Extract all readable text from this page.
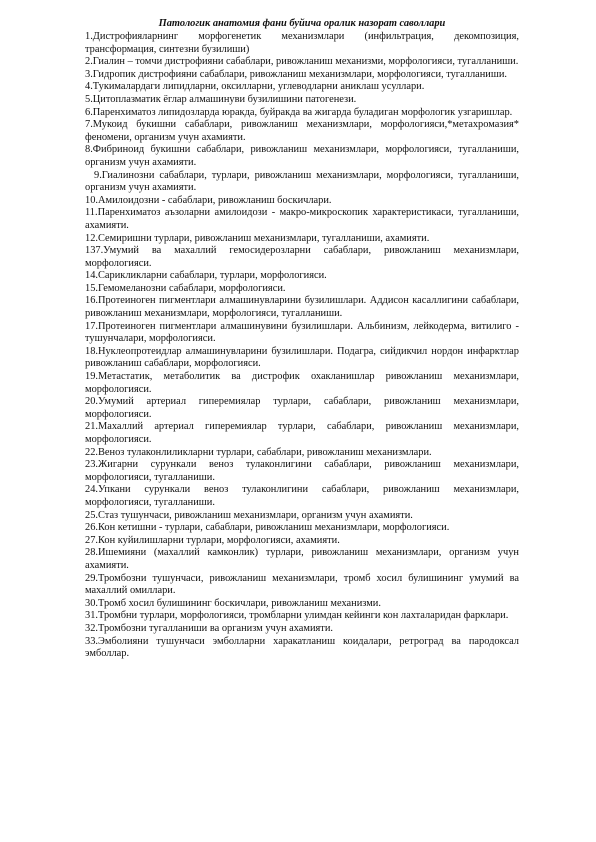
Патологик анатомия фани буйича оралик назорат саволлари

1.Дистрофияларнинг морфогенетик механизмлари (инфильтрация, декомпозиция, трансформация, синтезни бузилиши)

2.Гиалин – томчи дистрофияни сабаблари, ривожланиш механизми, морфологияси, тугалланиши.

3.Гидропик дистрофияни сабаблари, ривожланиш механизмлари, морфологияси, тугалланиши.

4.Тукималардаги липидларни, оксилларни, углеводларни аниклаш усуллари.

5.Цитоплазматик ёглар алмашинуви бузилишини патогенези.

6.Паренхиматоз липидозларда юракда, буйракда ва жигарда буладиган морфологик узгаришлар.

7.Мукоид букишни сабаблари, ривожланиш механизмлари, морфологияси,*метахромазия* феномени, организм учун ахамияти.

8.Фибриноид букишни сабаблари, ривожланиш механизмлари, морфологияси, тугалланиши, организм учун ахамияти.

9.Гиалинозни сабаблари, турлари, ривожланиш механизмлари, морфологияси, тугалланиши, организм учун ахамияти.

10.Амилоидозни - сабаблари, ривожланиш боскичлари.

11.Паренхиматоз аъзоларни амилоидози - макро-микроскопик характеристикаси, тугалланиши, ахамияти.

12.Семиришни турлари, ривожланиш механизмлари, тугалланиши, ахамияти.

137.Умумий ва махаллий гемосидерозларни сабаблари, ривожланиш механизмлари, морфологияси.

14.Сарикликларни сабаблари, турлари, морфологияси.

15.Гемомеланозни сабаблари, морфологияси.

16.Протеиноген пигментлари алмашинувларини бузилишлари. Аддисон касаллигини сабаблари, ривожланиш механизмлари, морфологияси, тугалланиши.

17.Протеиноген пигментлари алмашинувини бузилишлари. Альбинизм, лейкодерма, витилиго - тушунчалари, морфологияси.

18.Нуклеопротеидлар алмашинувларини бузилишлари. Подагра, сийдикчил нордон инфарктлар ривожланиш сабаблари, морфологияси.

19.Метастатик, метаболитик ва дистрофик охакланишлар ривожланиш механизмлари, морфологияси.

20.Умумий артериал гиперемиялар турлари, сабаблари, ривожланиш механизмлари, морфологияси.

21.Махаллий артериал гиперемиялар турлари, сабаблари, ривожланиш механизмлари, морфологияси.

22.Веноз тулаконлиликларни турлари, сабаблари, ривожланиш механизмлари.

23.Жигарни сурункали веноз тулаконлигини сабаблари, ривожланиш механизмлари, морфологияси, тугалланиши.

24.Упкани сурункали веноз тулаконлигини сабаблари, ривожланиш механизмлари, морфологияси, тугалланиши.

25.Стаз тушунчаси, ривожланиш механизмлари, организм учун ахамияти.

26.Кон кетишни - турлари, сабаблари, ривожланиш механизмлари, морфологияси.

27.Кон куйилишларни турлари, морфологияси, ахамияти.

28.Ишемияни (махаллий камконлик) турлари, ривожланиш механизмлари, организм учун ахамияти.

29.Тромбозни тушунчаси, ривожланиш механизмлари, тромб хосил булишининг умумий ва махаллий омиллари.

30.Тромб хосил булишининг боскичлари, ривожланиш механизми.

31.Тромбни турлари, морфологияси, тромбларни улимдан кейинги кон лахталаридан фарклари.

32.Тромбозни тугалланиши ва организм учун ахамияти.

33.Эмболияни тушунчаси эмболларни харакатланиш коидалари, ретроград ва пародоксал эмболлар.
